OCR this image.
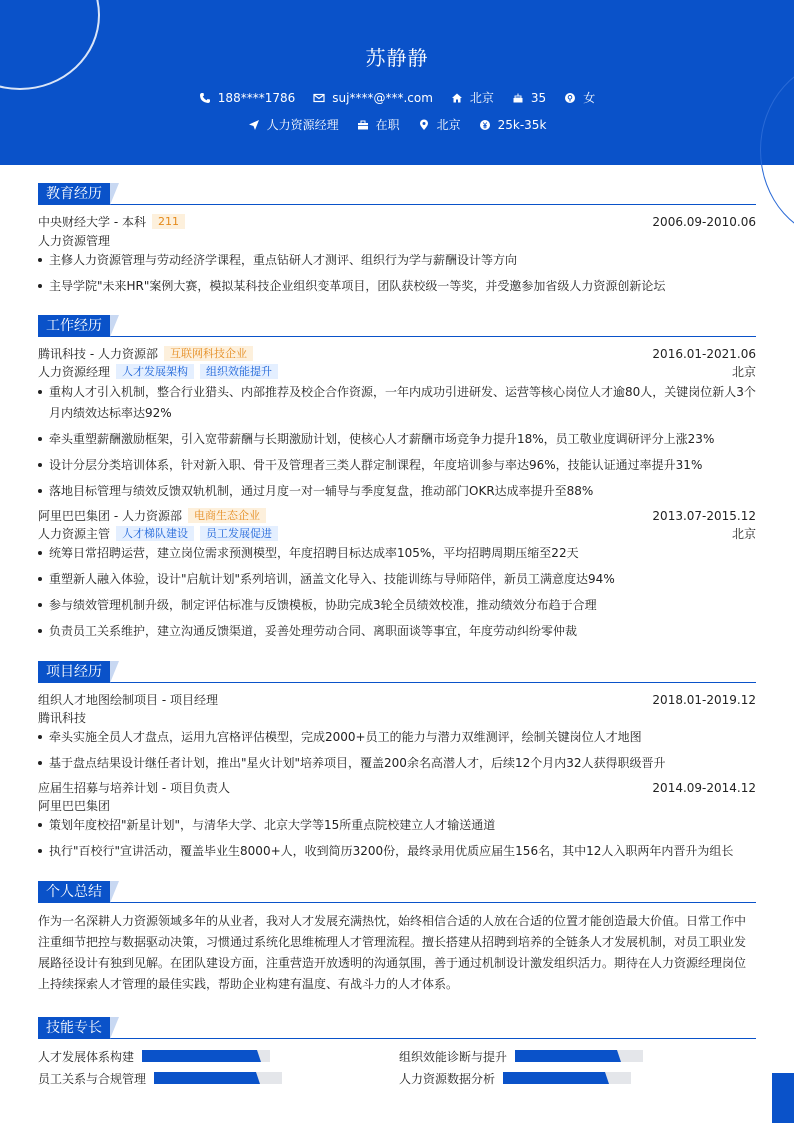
苏静静
188****1786	suj****@***.com	北京	35	女
人力资源经理	在职	北京	25k-35k
教育经历
中央财经大学 - 本科 211	2006.09-2010.06
人力资源管理
主修人力资源管理与劳动经济学课程，重点钻研人才测评、组织行为学与薪酬设计等方向
主导学院"未来HR"案例大赛，模拟某科技企业组织变革项目，团队获校级一等奖，并受邀参加省级人力资源创新论坛
工作经历
腾讯科技 - 人力资源部 互联网科技企业	2016.01-2021.06
人力资源经理 人才发展架构 组织效能提升	北京
重构人才引入机制，整合行业猎头、内部推荐及校企合作资源，一年内成功引进研发、运营等核心岗位人才逾80人，关键岗位新人3个月内绩效达标率达92%
牵头重塑薪酬激励框架，引入宽带薪酬与长期激励计划，使核心人才薪酬市场竞争力提升18%，员工敬业度调研评分上涨23%
设计分层分类培训体系，针对新入职、骨干及管理者三类人群定制课程，年度培训参与率达96%，技能认证通过率提升31%
落地目标管理与绩效反馈双轨机制，通过月度一对一辅导与季度复盘，推动部门OKR达成率提升至88%
阿里巴巴集团 - 人力资源部 电商生态企业	2013.07-2015.12
人力资源主管 人才梯队建设 员工发展促进	北京
统筹日常招聘运营，建立岗位需求预测模型，年度招聘目标达成率105%，平均招聘周期压缩至22天
重塑新人融入体验，设计"启航计划"系列培训，涵盖文化导入、技能训练与导师陪伴，新员工满意度达94%
参与绩效管理机制升级，制定评估标准与反馈模板，协助完成3轮全员绩效校准，推动绩效分布趋于合理
负责员工关系维护，建立沟通反馈渠道，妥善处理劳动合同、离职面谈等事宜，年度劳动纠纷零仲裁
项目经历
组织人才地图绘制项目 - 项目经理	2018.01-2019.12
腾讯科技
牵头实施全员人才盘点，运用九宫格评估模型，完成2000+员工的能力与潜力双维测评，绘制关键岗位人才地图
基于盘点结果设计继任者计划，推出"星火计划"培养项目，覆盖200余名高潜人才，后续12个月内32人获得职级晋升
应届生招募与培养计划 - 项目负责人	2014.09-2014.12
阿里巴巴集团
策划年度校招"新星计划"，与清华大学、北京大学等15所重点院校建立人才输送通道
执行"百校行"宣讲活动，覆盖毕业生8000+人，收到简历3200份，最终录用优质应届生156名，其中12人入职两年内晋升为组长
个人总结
作为一名深耕人力资源领域多年的从业者，我对人才发展充满热忱，始终相信合适的人放在合适的位置才能创造最大价值。日常工作中
注重细节把控与数据驱动决策，习惯通过系统化思维梳理人才管理流程。擅长搭建从招聘到培养的全链条人才发展机制，对员工职业发
展路径设计有独到见解。在团队建设方面，注重营造开放透明的沟通氛围，善于通过机制设计激发组织活力。期待在人力资源经理岗位
上持续探索人才管理的最佳实践，帮助企业构建有温度、有战斗力的人才体系。
技能专长
人才发展体系构建	组织效能诊断与提升
员工关系与合规管理	人力资源数据分析
